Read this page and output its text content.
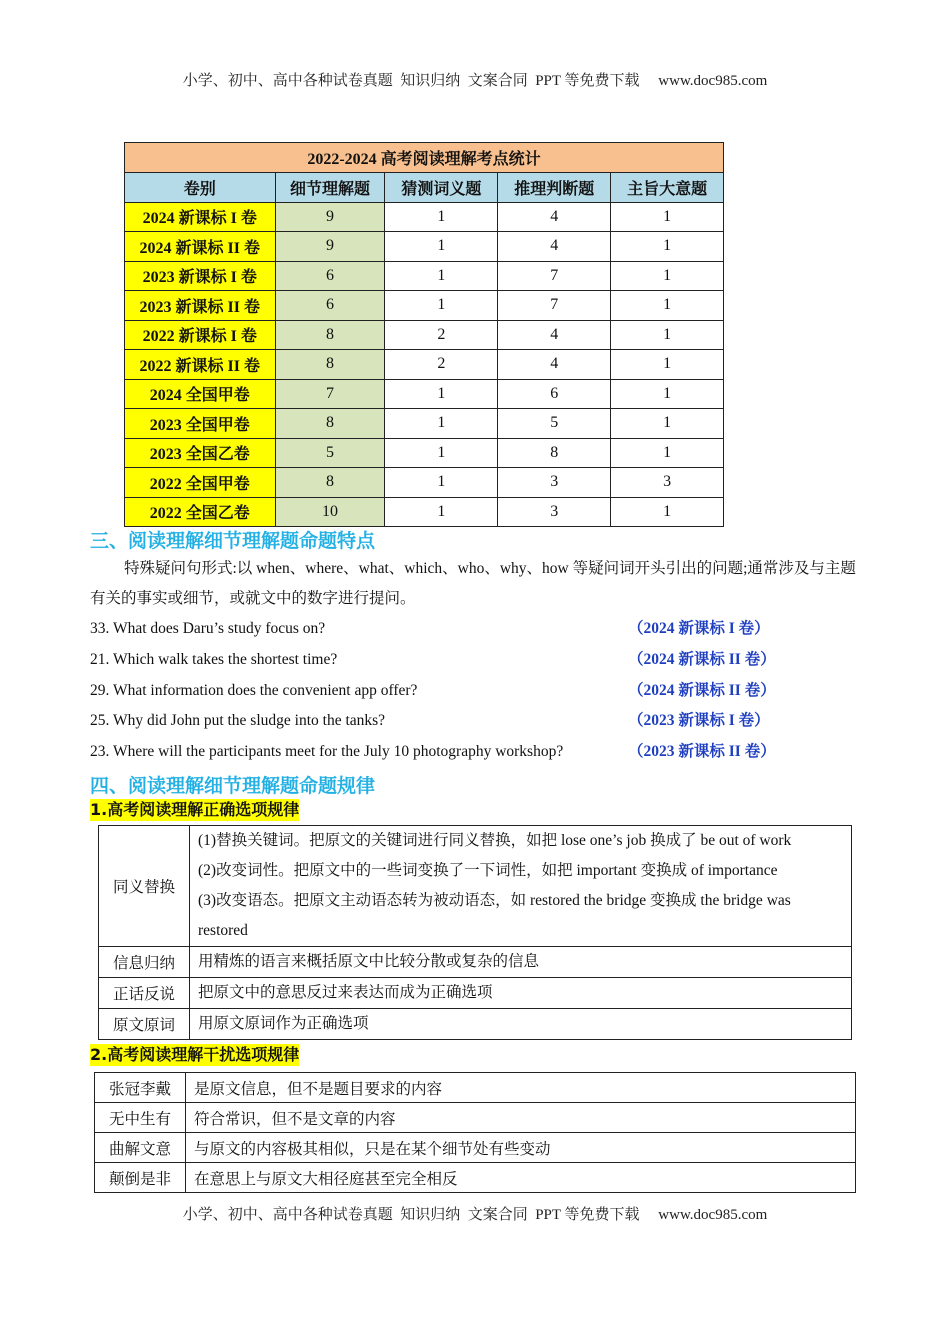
小学、初中、高中各种试卷真题  知识归纳  文案合同  PPT 等免费下载     www.doc985.com
2022-2024 高考阅读理解考点统计				
卷别	细节理解题	猜测词义题	推理判断题	主旨大意题
2024 新课标 I 卷	9	1	4	1
2024 新课标 II 卷	9	1	4	1
2023 新课标 I 卷	6	1	7	1
2023 新课标 II 卷	6	1	7	1
2022 新课标 I 卷	8	2	4	1
2022 新课标 II 卷	8	2	4	1
2024 全国甲卷	7	1	6	1
2023 全国甲卷	8	1	5	1
2023 全国乙卷	5	1	8	1
2022 全国甲卷	8	1	3	3
2022 全国乙卷	10	1	3	1
三、阅读理解细节理解题命题特点
特殊疑问句形式:以 when、where、what、which、who、why、how 等疑问词开头引出的问题;通常涉及与主题有关的事实或细节，或就文中的数字进行提问。
33. What does Daru’s study focus on?	（2024 新课标 I 卷）
21. Which walk takes the shortest time?	（2024 新课标 II 卷）
29. What information does the convenient app offer?	（2024 新课标 II 卷）
25. Why did John put the sludge into the tanks?	（2023 新课标 I 卷）
23. Where will the participants meet for the July 10 photography workshop?	（2023 新课标 II 卷）
四、阅读理解细节理解题命题规律
1.高考阅读理解正确选项规律
同义替换	(1)替换关键词。把原文的关键词进行同义替换，如把 lose one’s job 换成了 be out of work
(2)改变词性。把原文中的一些词变换了一下词性，如把 important 变换成 of importance
(3)改变语态。把原文主动语态转为被动语态，如 restored the bridge 变换成 the bridge was restored

信息归纳	用精炼的语言来概括原文中比较分散或复杂的信息

正话反说	把原文中的意思反过来表达而成为正确选项

原文原词	用原文原词作为正确选项
2.高考阅读理解干扰选项规律
张冠李戴	是原文信息，但不是题目要求的内容
无中生有	符合常识，但不是文章的内容
曲解文意	与原文的内容极其相似，只是在某个细节处有些变动
颠倒是非	在意思上与原文大相径庭甚至完全相反
小学、初中、高中各种试卷真题  知识归纳  文案合同  PPT 等免费下载     www.doc985.com
